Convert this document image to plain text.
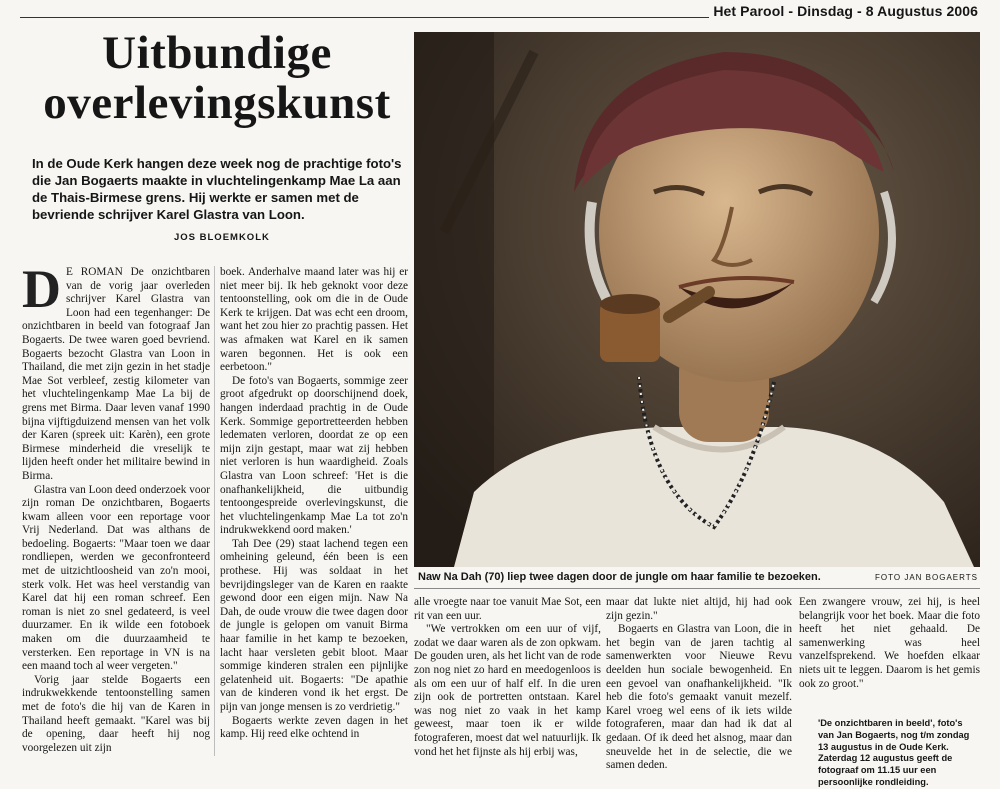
Het Parool - Dinsdag - 8 Augustus 2006
Uitbundige
overlevingskunst

In de Oude Kerk hangen deze week nog de prachtige foto's die Jan Bogaerts maakte in vluchtelingenkamp Mae La aan de Thais-Birmese grens. Hij werkte er samen met de bevriende schrijver Karel Glastra van Loon.

JOS BLOEMKOLK
D E ROMAN De onzichtbaren van de vorig jaar overleden schrijver Karel Glastra van Loon had een tegenhanger: De onzichtbaren in beeld van fotograaf Jan Bogaerts. De twee waren goed bevriend. Bogaerts bezocht Glastra van Loon in Thailand, die met zijn gezin in het stadje Mae Sot verbleef, zestig kilometer van het vluchtelingenkamp Mae La bij de grens met Birma. Daar leven vanaf 1990 bijna vijftigduizend mensen van het volk der Karen (spreek uit: Karèn), een grote Birmese minderheid die vreselijk te lijden heeft onder het militaire bewind in Birma.

Glastra van Loon deed onderzoek voor zijn roman De onzichtbaren, Bogaerts kwam alleen voor een reportage voor Vrij Nederland. Dat was althans de bedoeling. Bogaerts: "Maar toen we daar rondliepen, werden we geconfronteerd met de uitzichtloosheid van zo'n mooi, sterk volk. Het was heel verstandig van Karel dat hij een roman schreef. Een roman is niet zo snel gedateerd, is veel duurzamer. En ik wilde een fotoboek maken om die duurzaamheid te versterken. Een reportage in VN is na een maand toch al weer vergeten."

Vorig jaar stelde Bogaerts een indrukwekkende tentoonstelling samen met de foto's die hij van de Karen in Thailand heeft gemaakt. "Karel was bij de opening, daar heeft hij nog voorgelezen uit zijn

boek. Anderhalve maand later was hij er niet meer bij. Ik heb geknokt voor deze tentoonstelling, ook om die in de Oude Kerk te krijgen. Dat was echt een droom, want het zou hier zo prachtig passen. Het was afmaken wat Karel en ik samen waren begonnen. Het is ook een eerbetoon."

De foto's van Bogaerts, sommige zeer groot afgedrukt op doorschijnend doek, hangen inderdaad prachtig in de Oude Kerk. Sommige geportretteerden hebben ledematen verloren, doordat ze op een mijn zijn gestapt, maar wat zij hebben niet verloren is hun waardigheid. Zoals Glastra van Loon schreef: 'Het is die onafhankelijkheid, die uitbundig tentoongespreide overlevingskunst, die het vluchtelingenkamp Mae La tot zo'n indrukwekkend oord maken.'

Tah Dee (29) staat lachend tegen een omheining geleund, één been is een prothese. Hij was soldaat in het bevrijdingsleger van de Karen en raakte gewond door een eigen mijn. Naw Na Dah, de oude vrouw die twee dagen door de jungle is gelopen om vanuit Birma haar familie in het kamp te bezoeken, lacht haar versleten gebit bloot. Maar sommige kinderen stralen een pijnlijke gelatenheid uit. Bogaerts: "De apathie van de kinderen vond ik het ergst. De pijn van jonge mensen is zo verdrietig."

Bogaerts werkte zeven dagen in het kamp. Hij reed elke ochtend in

Naw Na Dah (70) liep twee dagen door de jungle om haar familie te bezoeken.	FOTO JAN BOGAERTS

alle vroegte naar toe vanuit Mae Sot, een rit van een uur.

"We vertrokken om een uur of vijf, zodat we daar waren als de zon opkwam. De gouden uren, als het licht van de rode zon nog niet zo hard en meedogenloos is als om een uur of half elf. In die uren zijn ook de portretten ontstaan. Karel was nog niet zo vaak in het kamp geweest, maar toen ik er wilde fotograferen, moest dat wel natuurlijk. Ik vond het het fijnste als hij erbij was,

maar dat lukte niet altijd, hij had ook zijn gezin."

Bogaerts en Glastra van Loon, die in het begin van de jaren tachtig al samenwerkten voor Nieuwe Revu deelden hun sociale bewogenheid. En een gevoel van onafhankelijkheid. "Ik heb die foto's gemaakt vanuit mezelf. Karel vroeg wel eens of ik iets wilde fotograferen, maar dan had ik dat al gedaan. Of ik deed het alsnog, maar dan sneuvelde het in de selectie, die we samen deden.

Een zwangere vrouw, zei hij, is heel belangrijk voor het boek. Maar die foto heeft het niet gehaald. De samenwerking was heel vanzelfsprekend. We hoefden elkaar niets uit te leggen. Daarom is het gemis ook zo groot."

'De onzichtbaren in beeld', foto's van Jan Bogaerts, nog t/m zondag 13 augustus in de Oude Kerk. Zaterdag 12 augustus geeft de fotograaf om 11.15 uur een persoonlijke rondleiding.
